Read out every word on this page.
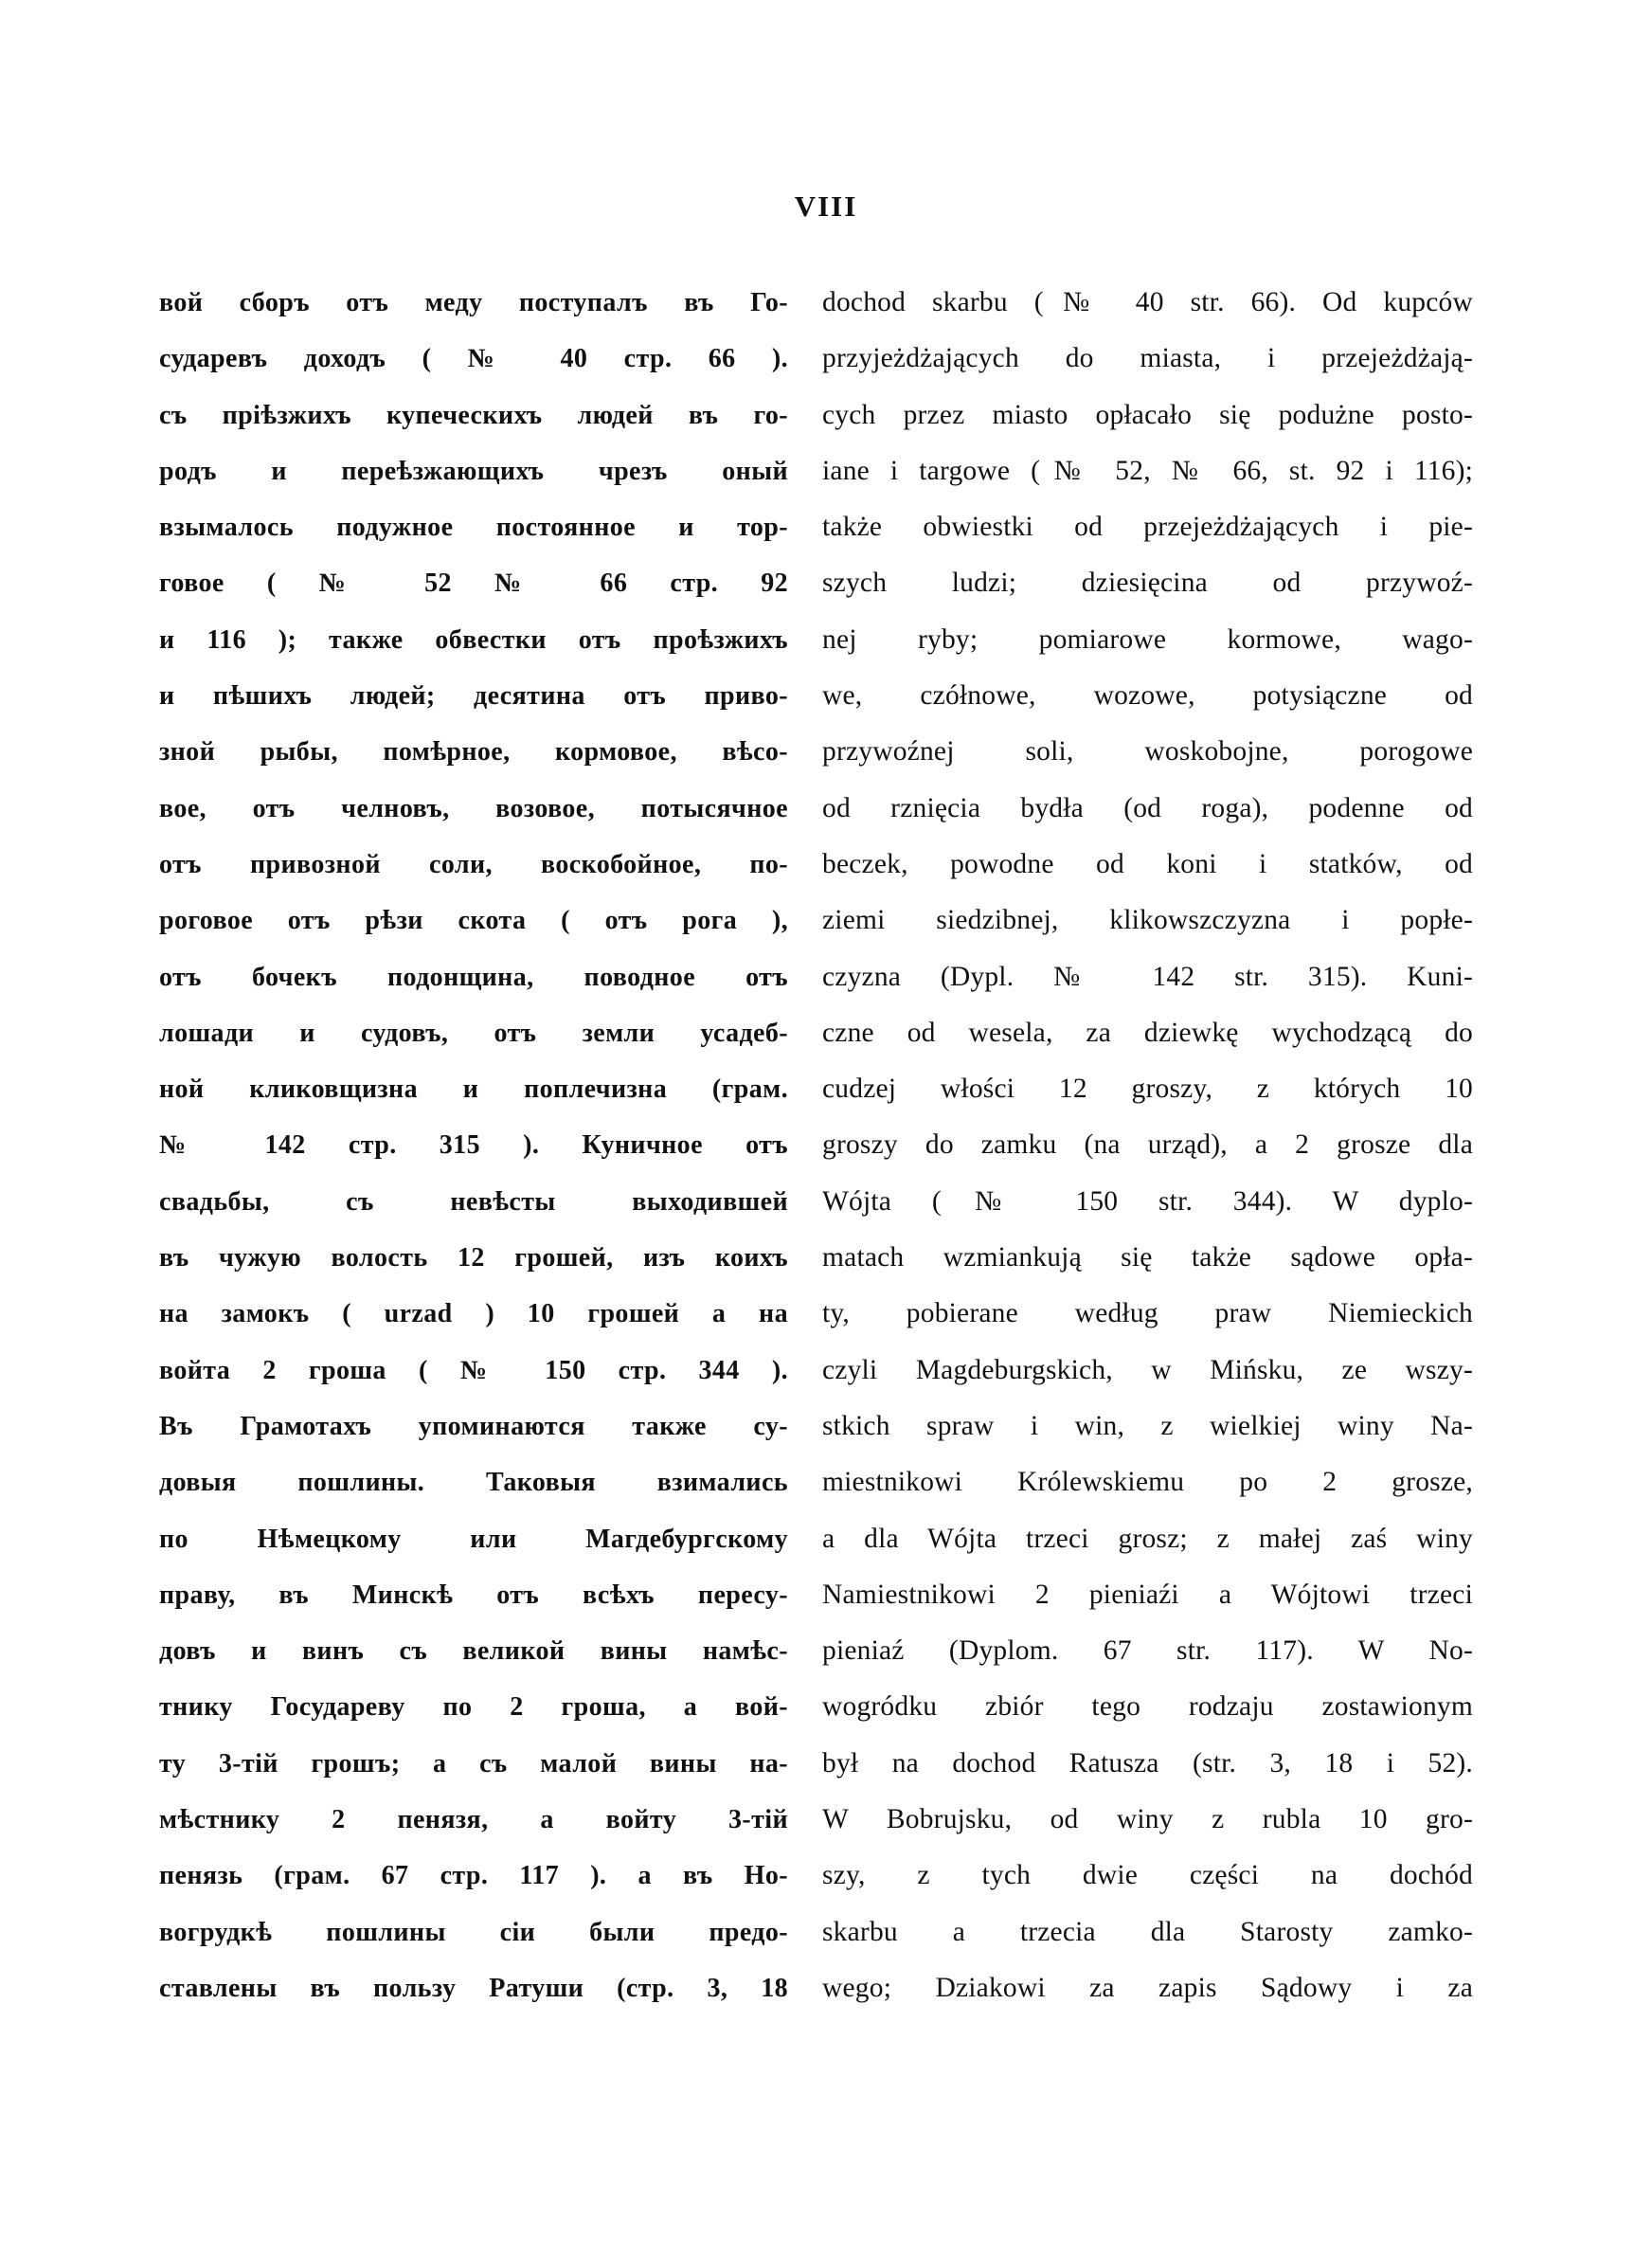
VIII
вой сборъ отъ меду поступалъ въ Го-
сударевъ доходъ ( № 40 стр. 66 ).
съ пріѣзжихъ купеческихъ людей въ го-
родъ и переѣзжающихъ чрезъ оный
взымалось подужное постоянное и тор-
говое ( № 52 № 66 стр. 92
и 116 ); также обвестки отъ проѣзжихъ
и пѣшихъ людей; десятина отъ приво-
зной рыбы, помѣрное, кормовое, вѣсо-
вое, отъ челновъ, возовое, потысячное
отъ привозной соли, воскобойное, по-
роговое отъ рѣзи скота ( отъ рога ),
отъ бочекъ подонщина, поводное отъ
лошади и судовъ, отъ земли усадеб-
ной кликовщизна и поплечизна (грам.
№ 142 стр. 315 ). Куничное отъ
свадьбы, съ невѣсты выходившей
въ чужую волость 12 грошей, изъ коихъ
на замокъ ( urzad ) 10 грошей а на
войта 2 гроша ( № 150 стр. 344 ).
Въ Грамотахъ упоминаются также су-
довыя пошлины. Таковыя взимались
по Нѣмецкому или Магдебургскому
праву, въ Минскѣ отъ всѣхъ пересу-
довъ и винъ съ великой вины намѣс-
тнику Государеву по 2 гроша, а вой-
ту 3-тій грошъ; а съ малой вины на-
мѣстнику 2 пенязя, а войту 3-тій
пенязь (грам. 67 стр. 117 ). а въ Но-
вогрудкѣ пошлины сіи были предо-
ставлены въ пользу Ратуши (стр. 3, 18
dochod skarbu (№ 40 str. 66). Od kupców
przyjeżdżających do miasta, i przejeżdżają-
cych przez miasto opłacało się podużne posto-
iane i targowe (№ 52, № 66, st. 92 i 116);
także obwiestki od przejeżdżających i pie-
szych ludzi; dziesięcina od przywoź-
nej ryby; pomiarowe kormowe, wago-
we, czółnowe, wozowe, potysiączne od
przywoźnej soli, woskobojne, porogowe
od rznięcia bydła (od roga), podenne od
beczek, powodne od koni i statków, od
ziemi siedzibnej, klikowszczyzna i popłe-
czyzna (Dypl. № 142 str. 315). Kuni-
czne od wesela, za dziewkę wychodzącą do
cudzej włości 12 groszy, z których 10
groszy do zamku (na urząd), a 2 grosze dla
Wójta (№ 150 str. 344). W dyplo-
matach wzmiankują się także sądowe opła-
ty, pobierane według praw Niemieckich
czyli Magdeburgskich, w Mińsku, ze wszy-
stkich spraw i win, z wielkiej winy Na-
miestnikowi Królewskiemu po 2 grosze,
a dla Wójta trzeci grosz; z małej zaś winy
Namiestnikowi 2 pieniaźi a Wójtowi trzeci
pieniaź (Dyplom. 67 str. 117). W No-
wogródku zbiór tego rodzaju zostawionym
był na dochod Ratusza (str. 3, 18 i 52).
W Bobrujsku, od winy z rubla 10 gro-
szy, z tych dwie części na dochód
skarbu a trzecia dla Starosty zamko-
wego; Dziakowi za zapis Sądowy i za
